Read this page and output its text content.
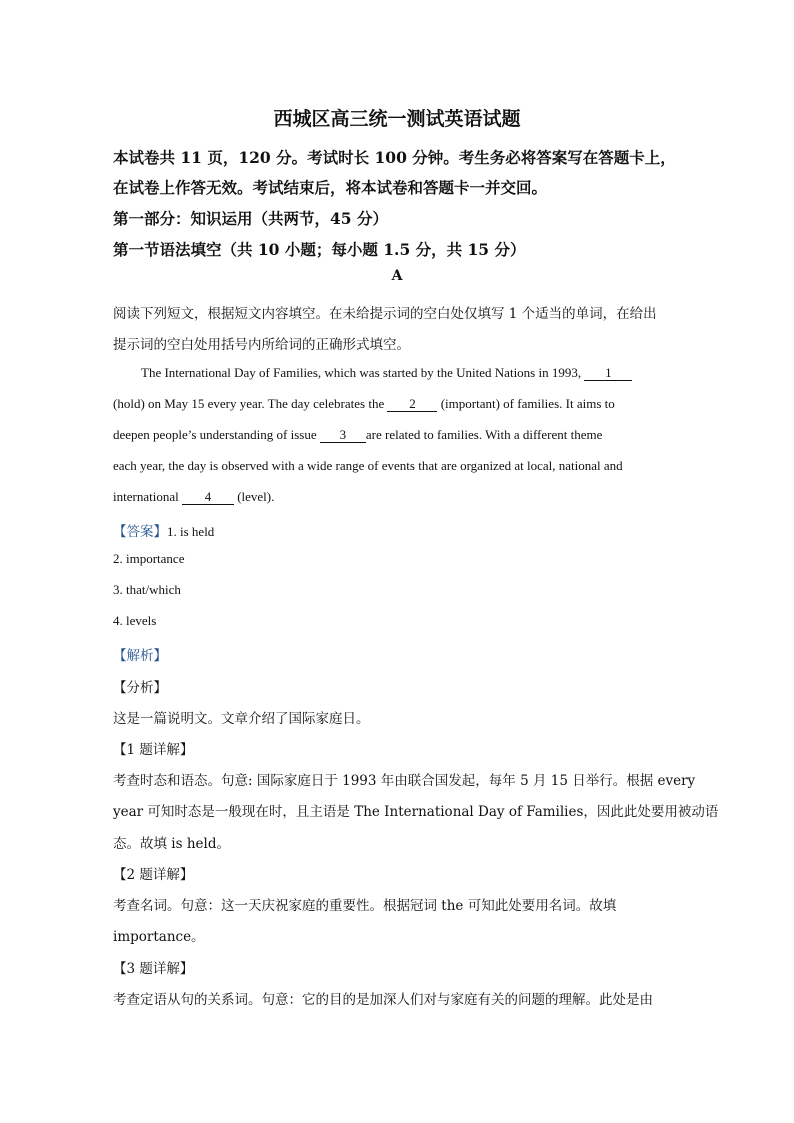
西城区高三统一测试英语试题
本试卷共 11 页，120 分。考试时长 100 分钟。考生务必将答案写在答题卡上，
在试卷上作答无效。考试结束后，将本试卷和答题卡一并交回。
第一部分：知识运用（共两节，45 分）
第一节语法填空（共 10 小题；每小题 1.5 分，共 15 分）
A
阅读下列短文，根据短文内容填空。在未给提示词的空白处仅填写 1 个适当的单词，在给出
提示词的空白处用括号内所给词的正确形式填空。
The International Day of Families, which was started by the United Nations in 1993, 1
(hold) on May 15 every year. The day celebrates the 2 (important) of families. It aims to
deepen people’s understanding of issue 3 are related to families. With a different theme
each year, the day is observed with a wide range of events that are organized at local, national and
international 4 (level).
【答案】1. is held
2. importance
3. that/which
4. levels
【解析】
【分析】
这是一篇说明文。文章介绍了国际家庭日。
【1 题详解】
考查时态和语态。句意: 国际家庭日于 1993 年由联合国发起，每年 5 月 15 日举行。根据 every
year 可知时态是一般现在时，且主语是 The International Day of Families，因此此处要用被动语
态。故填 is held。
【2 题详解】
考查名词。句意：这一天庆祝家庭的重要性。根据冠词 the 可知此处要用名词。故填
importance。
【3 题详解】
考查定语从句的关系词。句意：它的目的是加深人们对与家庭有关的问题的理解。此处是由
